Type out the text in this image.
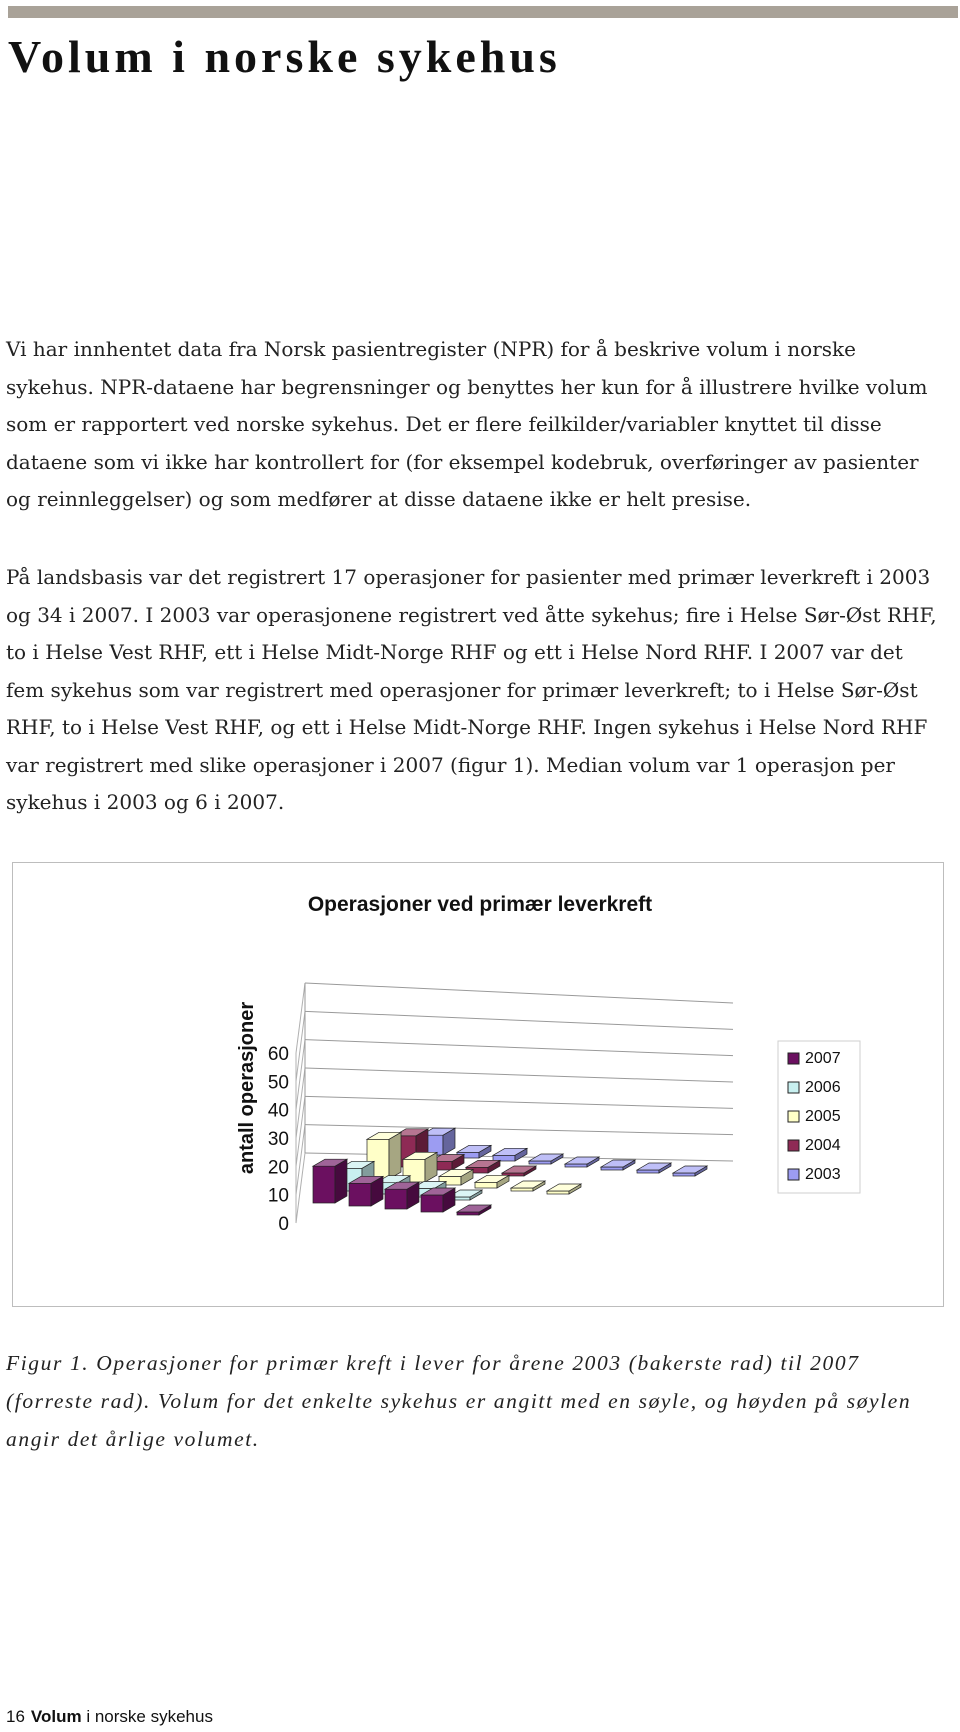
Volum i norske sykehus

Vi har innhentet data fra Norsk pasientregister (NPR) for å beskrive volum i norske sykehus. NPR-dataene har begrensninger og benyttes her kun for å illustrere hvilke volum som er rapportert ved norske sykehus. Det er flere feilkilder/variabler knyttet til disse dataene som vi ikke har kontrollert for (for eksempel kodebruk, overføringer av pasienter og reinnleggelser) og som medfører at disse dataene ikke er helt presise.

På landsbasis var det registrert 17 operasjoner for pasienter med primær leverkreft i 2003 og 34 i 2007. I 2003 var operasjonene registrert ved åtte sykehus; fire i Helse Sør-Øst RHF, to i Helse Vest RHF, ett i Helse Midt-Norge RHF og ett i Helse Nord RHF. I 2007 var det fem sykehus som var registrert med operasjoner for primær leverkreft; to i Helse Sør-Øst RHF, to i Helse Vest RHF, og ett i Helse Midt-Norge RHF. Ingen sykehus i Helse Nord RHF var registrert med slike operasjoner i 2007 (figur 1). Median volum var 1 operasjon per sykehus i 2003 og 6 i 2007.

Operasjoner ved primær leverkreft
antall operasjoner
0
10
20
30
40
50
60	2007
2006
2005
2004
2003

Figur 1. Operasjoner for primær kreft i lever for årene 2003 (bakerste rad) til 2007 (forreste rad). Volum for det enkelte sykehus er angitt med en søyle, og høyden på søylen angir det årlige volumet.

16 Volum i norske sykehus
